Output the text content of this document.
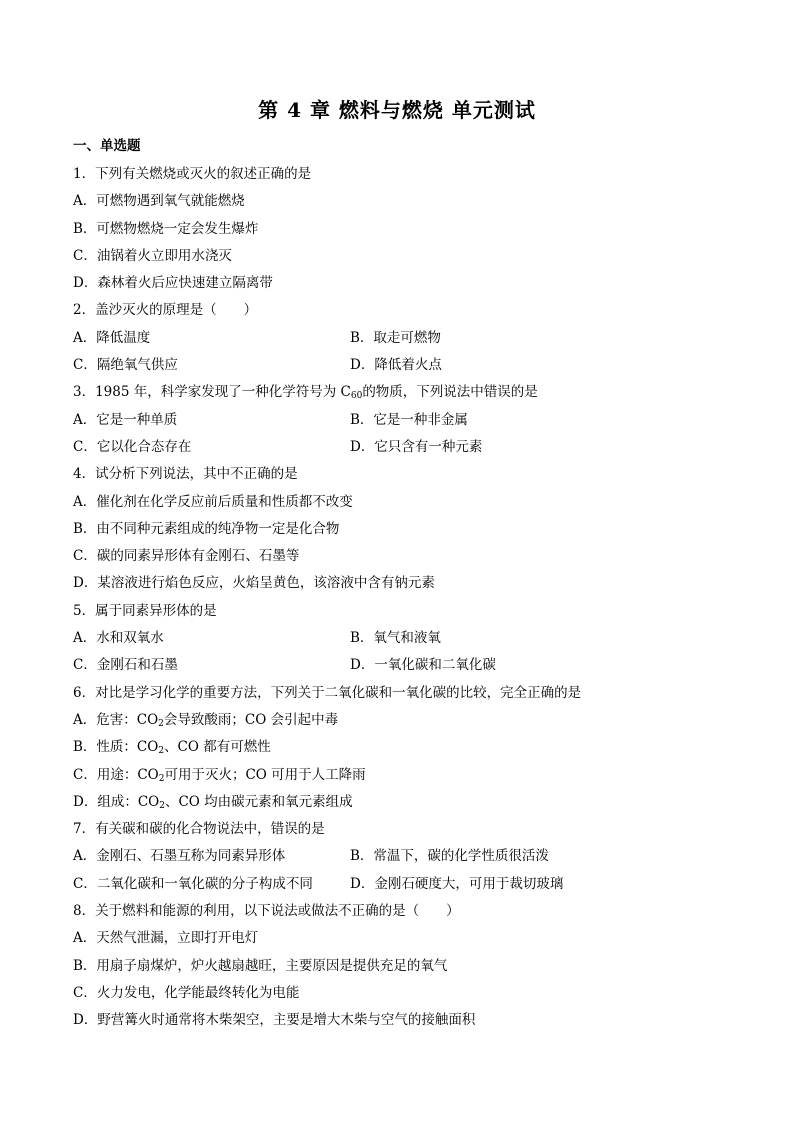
第 4 章 燃料与燃烧 单元测试
一、单选题
1．下列有关燃烧或灭火的叙述正确的是
A．可燃物遇到氧气就能燃烧
B．可燃物燃烧一定会发生爆炸
C．油锅着火立即用水浇灭
D．森林着火后应快速建立隔离带
2．盖沙灭火的原理是（　　）
A．降低温度	B．取走可燃物
C．隔绝氧气供应	D．降低着火点
3．1985 年，科学家发现了一种化学符号为 $C_{60}$的物质，下列说法中错误的是
A．它是一种单质	B．它是一种非金属
C．它以化合态存在	D．它只含有一种元素
4．试分析下列说法，其中不正确的是
A．催化剂在化学反应前后质量和性质都不改变
B．由不同种元素组成的纯净物一定是化合物
C．碳的同素异形体有金刚石、石墨等
D．某溶液进行焰色反应，火焰呈黄色，该溶液中含有钠元素
5．属于同素异形体的是
A．水和双氧水	B．氧气和液氧
C．金刚石和石墨	D．一氧化碳和二氧化碳
6．对比是学习化学的重要方法，下列关于二氧化碳和一氧化碳的比较，完全正确的是
A．危害：$CO_2$会导致酸雨；CO 会引起中毒
B．性质：$CO_2$、CO 都有可燃性
C．用途：$CO_2$可用于灭火；CO 可用于人工降雨
D．组成：$CO_2$、CO 均由碳元素和氧元素组成
7．有关碳和碳的化合物说法中，错误的是
A．金刚石、石墨互称为同素异形体	B．常温下，碳的化学性质很活泼
C．二氧化碳和一氧化碳的分子构成不同	D．金刚石硬度大，可用于裁切玻璃
8．关于燃料和能源的利用，以下说法或做法不正确的是（　　）
A．天然气泄漏，立即打开电灯
B．用扇子扇煤炉，炉火越扇越旺，主要原因是提供充足的氧气
C．火力发电，化学能最终转化为电能
D．野营篝火时通常将木柴架空，主要是增大木柴与空气的接触面积
